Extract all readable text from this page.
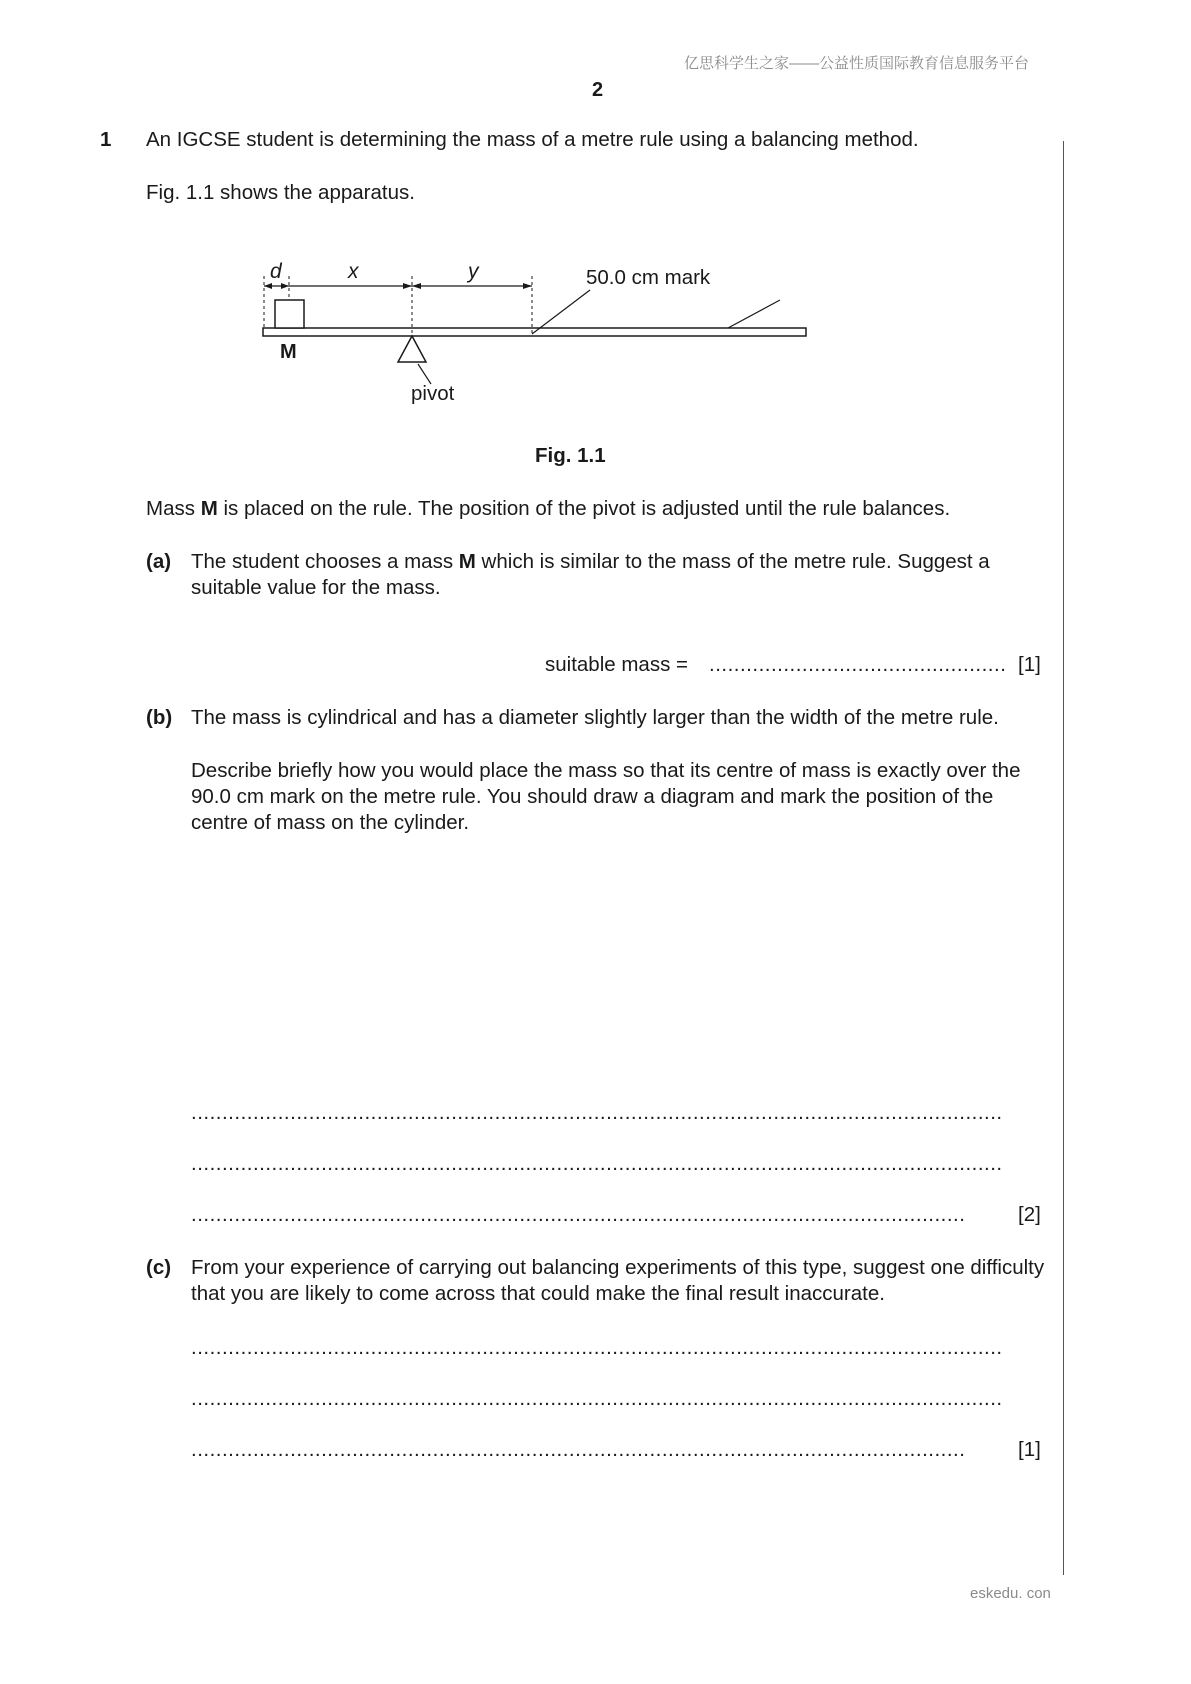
亿思科学生之家——公益性质国际教育信息服务平台
2
1 An IGCSE student is determining the mass of a metre rule using a balancing method.
Fig. 1.1 shows the apparatus.
d	x	y	50.0 cm mark
M
pivot
Fig. 1.1
Mass M is placed on the rule. The position of the pivot is adjusted until the rule balances.
(a) The student chooses a mass M which is similar to the mass of the metre rule. Suggest a suitable value for the mass.
suitable mass = ................................................ [1]
(b) The mass is cylindrical and has a diameter slightly larger than the width of the metre rule.
Describe briefly how you would place the mass so that its centre of mass is exactly over the 90.0 cm mark on the metre rule. You should draw a diagram and mark the position of the centre of mass on the cylinder.
...................................................................................................................................
...................................................................................................................................
.............................................................................................................................	[2]
(c) From your experience of carrying out balancing experiments of this type, suggest one difficulty that you are likely to come across that could make the final result inaccurate.
...................................................................................................................................
...................................................................................................................................
.............................................................................................................................	[1]
eskedu. con
